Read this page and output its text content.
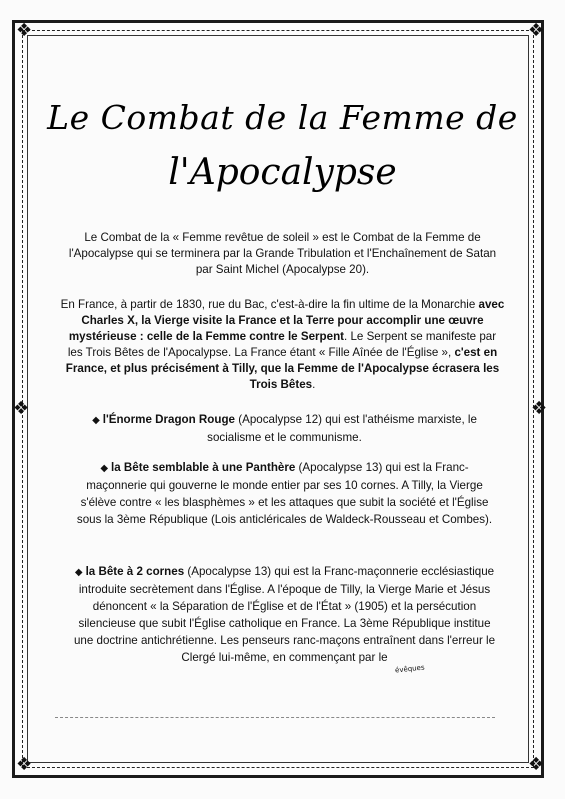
❖	❖
❖	❖
❖	❖
Le Combat de la Femme de
l'Apocalypse
Le Combat de la « Femme revêtue de soleil » est le Combat de la Femme de l'Apocalypse qui se terminera par la Grande Tribulation et l'Enchaînement de Satan par Saint Michel (Apocalypse 20).
En France, à partir de 1830, rue du Bac, c'est-à-dire la fin ultime de la Monarchie avec Charles X, la Vierge visite la France et la Terre pour accomplir une œuvre mystérieuse : celle de la Femme contre le Serpent. Le Serpent se manifeste par les Trois Bêtes de l'Apocalypse. La France étant « Fille Aînée de l'Église », c'est en France, et plus précisément à Tilly, que la Femme de l'Apocalypse écrasera les Trois Bêtes.
◆ l'Énorme Dragon Rouge (Apocalypse 12) qui est l'athéisme marxiste, le socialisme et le communisme.
◆ la Bête semblable à une Panthère (Apocalypse 13) qui est la Franc-maçonnerie qui gouverne le monde entier par ses 10 cornes. A Tilly, la Vierge s'élève contre « les blasphèmes » et les attaques que subit la société et l'Église sous la 3ème République (Lois anticléricales de Waldeck-Rousseau et Combes).
◆ la Bête à 2 cornes (Apocalypse 13) qui est la Franc-maçonnerie ecclésiastique introduite secrètement dans l'Église. A l'époque de Tilly, la Vierge Marie et Jésus dénoncent « la Séparation de l'Église et de l'État » (1905) et la persécution silencieuse que subit l'Église catholique en France. La 3ème République institue une doctrine antichrétienne. Les penseurs ranc-maçons entraînent dans l'erreur le Clergé lui-même, en commençant par le
évêques
